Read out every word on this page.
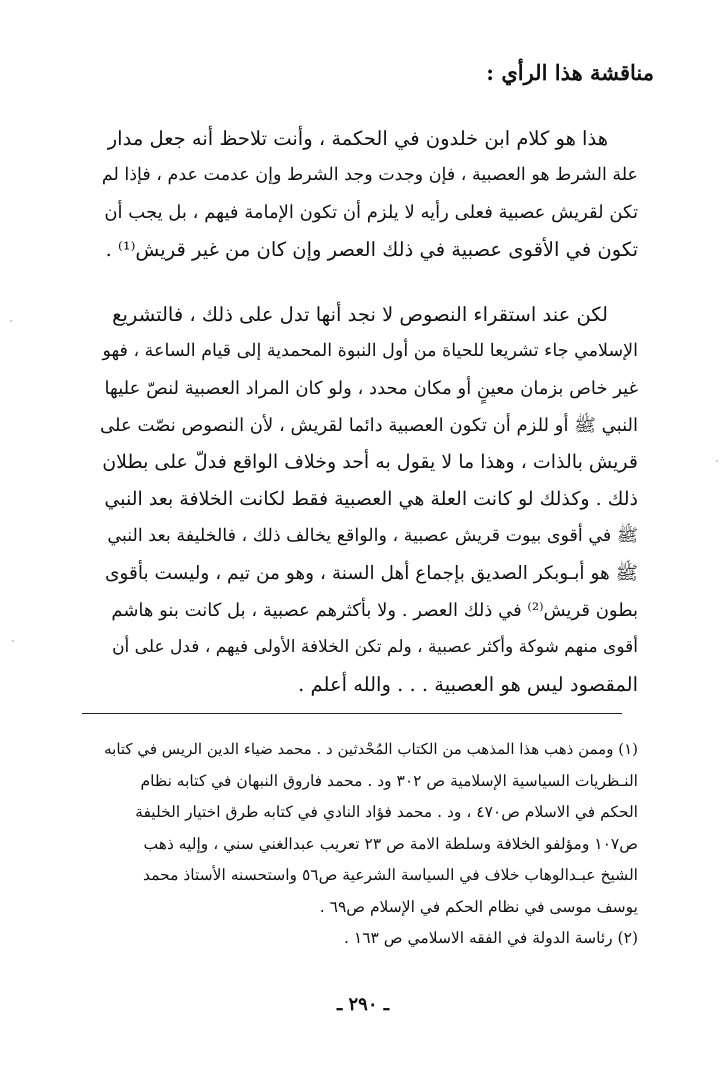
مناقشة هذا الرأي :
هذا هو كلام ابن خلدون في الحكمة ، وأنت تلاحظ أنه جعل مدار
علة الشرط هو العصبية ، فإن وجدت وجد الشرط وإن عدمت عدم ، فإذا لم
تكن لقريش عصبية فعلى رأيه لا يلزم أن تكون الإمامة فيهم ، بل يجب أن
تكون في الأقوى عصبية في ذلك العصر وإن كان من غير قريش⁽¹⁾ .
لكن عند استقراء النصوص لا نجد أنها تدل على ذلك ، فالتشريع
الإسلامي جاء تشريعا للحياة من أول النبوة المحمدية إلى قيام الساعة ، فهو
غير خاص بزمان معينٍ أو مكان محدد ، ولو كان المراد العصبية لنصّ عليها
النبي ﷺ أو للزم أن تكون العصبية دائما لقريش ، لأن النصوص نصّت على
قريش بالذات ، وهذا ما لا يقول به أحد وخلاف الواقع فدلّ على بطلان
ذلك . وكذلك لو كانت العلة هي العصبية فقط لكانت الخلافة بعد النبي
ﷺ في أقوى بيوت قريش عصبية ، والواقع يخالف ذلك ، فالخليفة بعد النبي
ﷺ هو أبـوبكر الصديق بإجماع أهل السنة ، وهو من تيم ، وليست بأقوى
بطون قريش⁽²⁾ في ذلك العصر . ولا بأكثرهم عصبية ، بل كانت بنو هاشم
أقوى منهم شوكة وأكثر عصبية ، ولم تكن الخلافة الأولى فيهم ، فدل على أن
المقصود ليس هو العصبية . . . والله أعلم .
(١) وممن ذهب هذا المذهب من الكتاب المُحْدثين د . محمد ضياء الدين الريس في كتابه
النـظريات السياسية الإسلامية ص ٣٠٢ ود . محمد فاروق النبهان في كتابه نظام
الحكم في الاسلام ص٤٧٠ ، ود . محمد فؤاد النادي في كتابه طرق اختيار الخليفة
ص١٠٧ ومؤلفو الخلافة وسلطة الامة ص ٢٣ تعريب عبدالغني سني ، وإليه ذهب
الشيخ عبـدالوهاب خلاف في السياسة الشرعية ص٥٦ واستحسنه الأستاذ محمد
يوسف موسى في نظام الحكم في الإسلام ص٦٩ .
(٢) رئاسة الدولة في الفقه الاسلامي ص ١٦٣ .
ـ ٢٩٠ ـ
